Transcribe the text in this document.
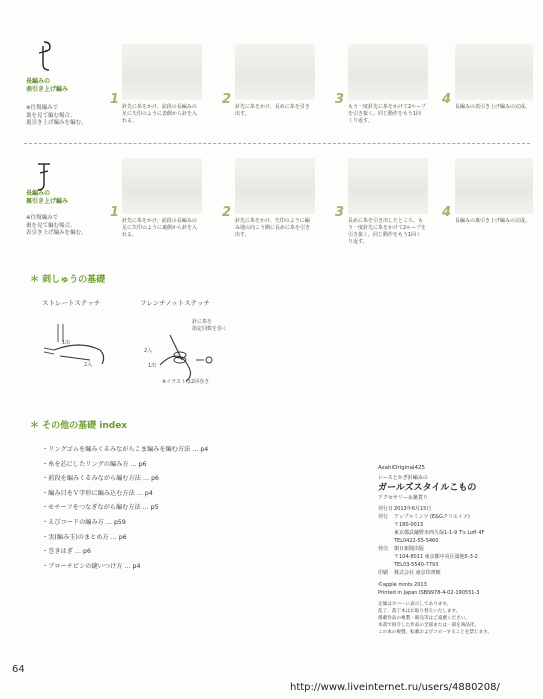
長編みの
表引き上げ編み
※往復編みで
裏を見て編む場合、
裏引き上げ編みを編む。
1 針先に糸をかけ、前段の長編みの足に矢印のように表側から針を入れる。
2 針先に糸をかけ、長めに糸を引き出す。
3 もう一度針先に糸をかけて2ループを引き抜く。同じ動作をもう1回くり返す。
4 長編みの表引き上げ編みの完成。
長編みの
裏引き上げ編み
※往復編みで
裏を見て編む場合、
表引き上げ編みを編む。
1
針先に糸をかけ、前段の長編みの足に矢印のように裏側から針を入れる。
2
針先に糸をかけ、矢印のように編み地の向こう側に長めに糸を引き出す。
3
長めに糸を引き出したところ。もう一度針先に糸をかけて2ループを引き抜く。同じ動作をもう1回くり返す。
4
長編みの裏引き上げ編みの完成。
＊ 刺しゅうの基礎
ストレートステッチ	フレンチノットステッチ
1出
2入
針に糸を
指定回数を巻く
2入
1出
※イラストは2回巻き
＊ その他の基礎 index
・リングゴムを編みくるみながらこま編みを編む方法 … p4
・糸を芯にしたリングの編み方 … p6
・前段を編みくるみながら編む方法 … p6
・編み目をＶ字形に編み込む方法 … p4
・モチーフをつなぎながら編む方法 … p5
・えびコードの編み方 … p59
・実(編み玉)のまとめ方 … p6
・巻きはぎ … p6
・ブローチピンの縫いつけ方 … p4
AsahiOriginal425
レースとかぎ針編みの
ガールズスタイルこもの
アクセサリー＆雑貨り
発行日2013年6月15日
発行 アップルミンツ (E&Gクリエイツ)
〒180-0013
東京都武蔵野市西久保1-1-9 T's Loft 4F
TEL0422-55-5460
発売 朝日新聞出版
〒104-8011 東京都中央区築地5-3-2
TEL03-5540-7793
印刷 株式会社 東京印書館
©apple mints 2013
Printed in Japan ISBN978-4-02-190551-3
定価はカバーに表示してあります。
乱丁、落丁本はお取り替えいたします。
掲載作品の複製・販売等はご遠慮ください。
本書で紹介した作品の全部または一部を商品化、
この本の複製、転載およびコピーすることを禁じます。
64
http://www.liveinternet.ru/users/4880208/
